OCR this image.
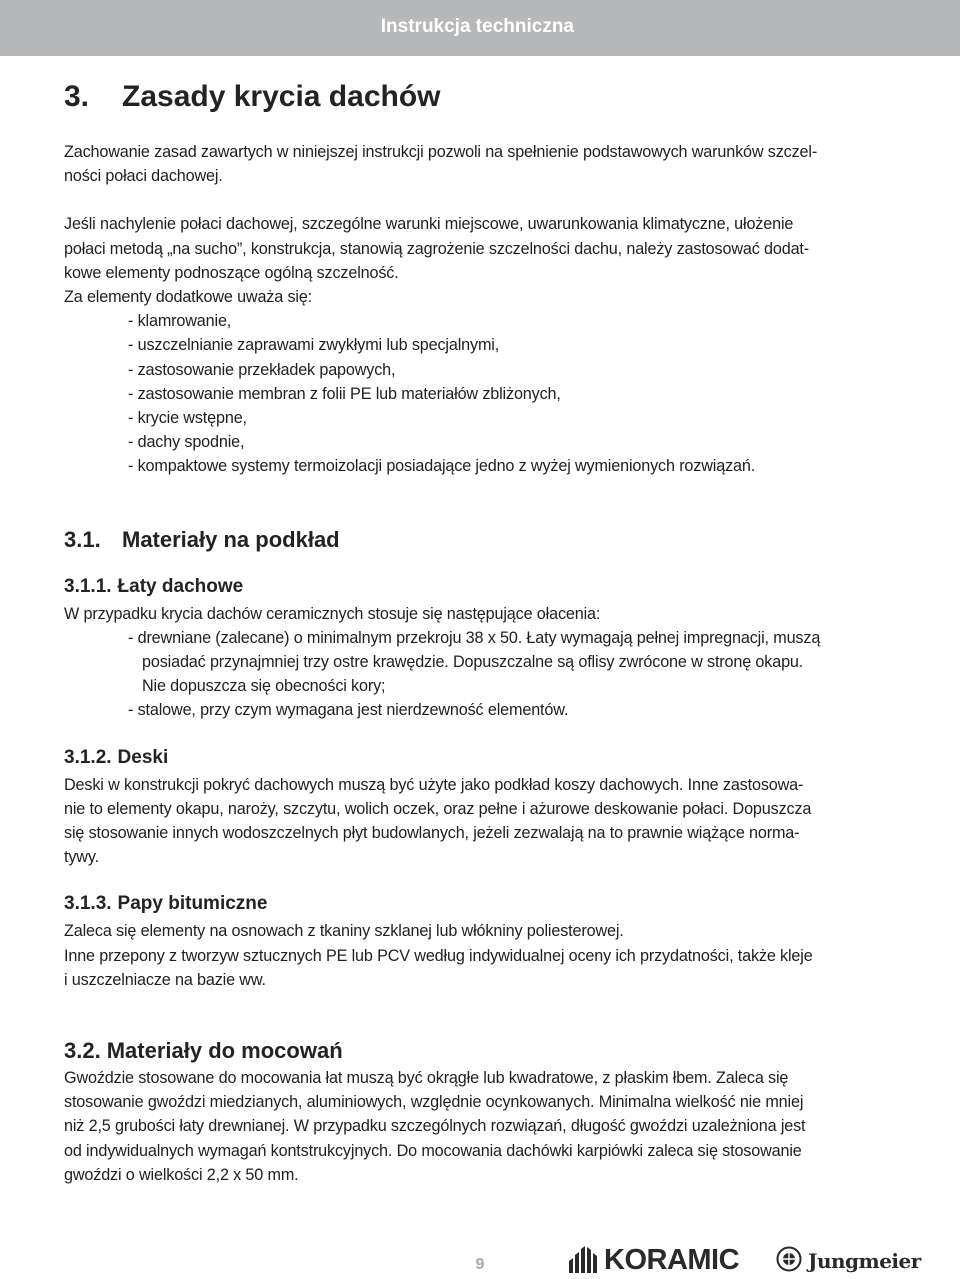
Instrukcja techniczna
3.	Zasady krycia dachów
Zachowanie zasad zawartych w niniejszej instrukcji pozwoli na spełnienie podstawowych warunków szczel-
ności połaci dachowej.
Jeśli nachylenie połaci dachowej, szczególne warunki miejscowe, uwarunkowania klimatyczne, ułożenie
połaci metodą „na sucho”, konstrukcja, stanowią zagrożenie szczelności dachu, należy zastosować dodat-
kowe elementy podnoszące ogólną szczelność.
Za elementy dodatkowe uważa się:
- klamrowanie,
- uszczelnianie zaprawami zwykłymi lub specjalnymi,
- zastosowanie przekładek papowych,
- zastosowanie membran z folii PE lub materiałów zbliżonych,
- krycie wstępne,
- dachy spodnie,
- kompaktowe systemy termoizolacji posiadające jedno z wyżej wymienionych rozwiązań.
3.1. Materiały na podkład
3.1.1. Łaty dachowe
W przypadku krycia dachów ceramicznych stosuje się następujące ołacenia:
- drewniane (zalecane) o minimalnym przekroju 38 x 50. Łaty wymagają pełnej impregnacji, muszą
posiadać przynajmniej trzy ostre krawędzie. Dopuszczalne są oflisy zwrócone w stronę okapu.
Nie dopuszcza się obecności kory;
- stalowe, przy czym wymagana jest nierdzewność elementów.
3.1.2. Deski
Deski w konstrukcji pokryć dachowych muszą być użyte jako podkład koszy dachowych. Inne zastosowa-
nie to elementy okapu, naroży, szczytu, wolich oczek, oraz pełne i ażurowe deskowanie połaci. Dopuszcza
się stosowanie innych wodoszczelnych płyt budowlanych, jeżeli zezwalają na to prawnie wiążące norma-
tywy.
3.1.3. Papy bitumiczne
Zaleca się elementy na osnowach z tkaniny szklanej lub włókniny poliesterowej.
Inne przepony z tworzyw sztucznych PE lub PCV według indywidualnej oceny ich przydatności, także kleje
i uszczelniacze na bazie ww.
3.2. Materiały do mocowań
Gwoździe stosowane do mocowania łat muszą być okrągłe lub kwadratowe, z płaskim łbem. Zaleca się
stosowanie gwoździ miedzianych, aluminiowych, względnie ocynkowanych. Minimalna wielkość nie mniej
niż 2,5 grubości łaty drewnianej. W przypadku szczególnych rozwiązań, długość gwoździ uzależniona jest
od indywidualnych wymagań kontstrukcyjnych. Do mocowania dachówki karpiówki zaleca się stosowanie
gwoździ o wielkości 2,2 x 50 mm.
9	KORAMIC	Jungmeier
